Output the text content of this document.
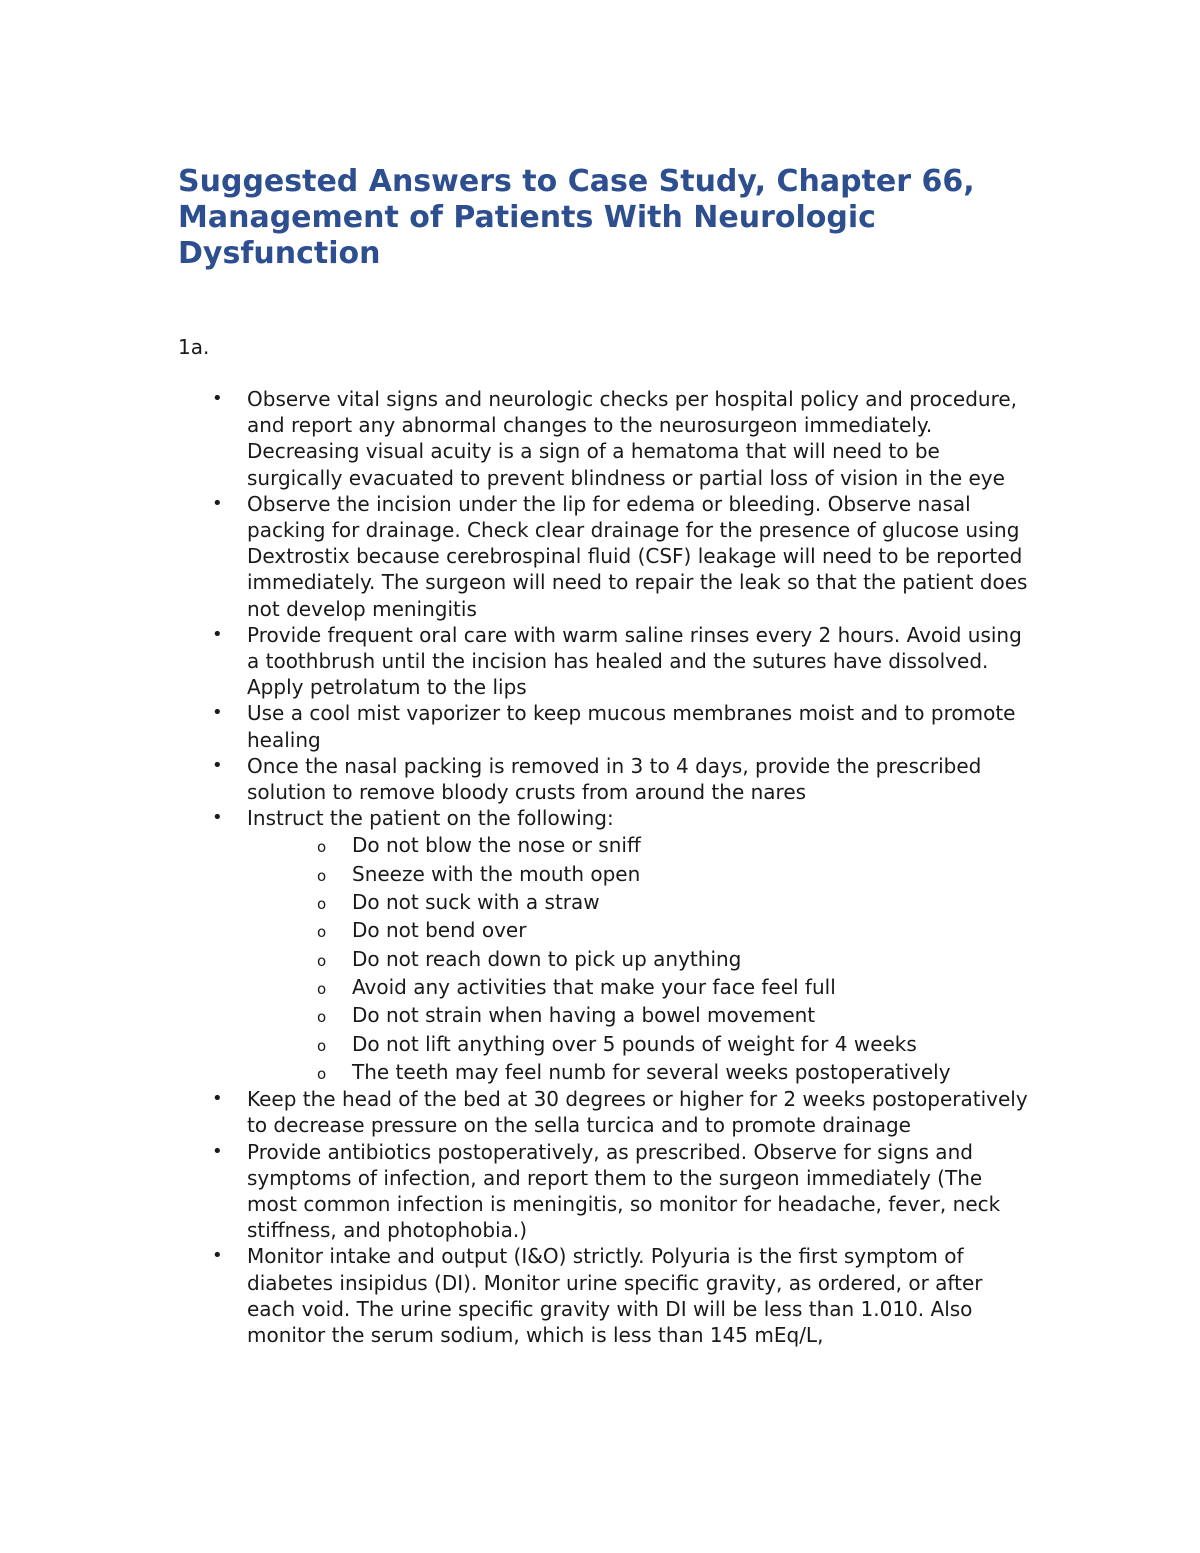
Suggested Answers to Case Study, Chapter 66, Management of Patients With Neurologic Dysfunction

1a.

•	Observe vital signs and neurologic checks per hospital policy and procedure, and report any abnormal changes to the neurosurgeon immediately. Decreasing visual acuity is a sign of a hematoma that will need to be surgically evacuated to prevent blindness or partial loss of vision in the eye
•	Observe the incision under the lip for edema or bleeding. Observe nasal packing for drainage. Check clear drainage for the presence of glucose using Dextrostix because cerebrospinal fluid (CSF) leakage will need to be reported immediately. The surgeon will need to repair the leak so that the patient does not develop meningitis
•	Provide frequent oral care with warm saline rinses every 2 hours. Avoid using a toothbrush until the incision has healed and the sutures have dissolved. Apply petrolatum to the lips
•	Use a cool mist vaporizer to keep mucous membranes moist and to promote healing
•	Once the nasal packing is removed in 3 to 4 days, provide the prescribed solution to remove bloody crusts from around the nares
•	Instruct the patient on the following:
o Do not blow the nose or sniff
o Sneeze with the mouth open
o Do not suck with a straw
o Do not bend over
o Do not reach down to pick up anything
o Avoid any activities that make your face feel full
o Do not strain when having a bowel movement
o Do not lift anything over 5 pounds of weight for 4 weeks
o The teeth may feel numb for several weeks postoperatively
•	Keep the head of the bed at 30 degrees or higher for 2 weeks postoperatively to decrease pressure on the sella turcica and to promote drainage
•	Provide antibiotics postoperatively, as prescribed. Observe for signs and symptoms of infection, and report them to the surgeon immediately (The most common infection is meningitis, so monitor for headache, fever, neck stiffness, and photophobia.)
•	Monitor intake and output (I&O) strictly. Polyuria is the first symptom of diabetes insipidus (DI). Monitor urine specific gravity, as ordered, or after each void. The urine specific gravity with DI will be less than 1.010. Also monitor the serum sodium, which is less than 145 mEq/L,
